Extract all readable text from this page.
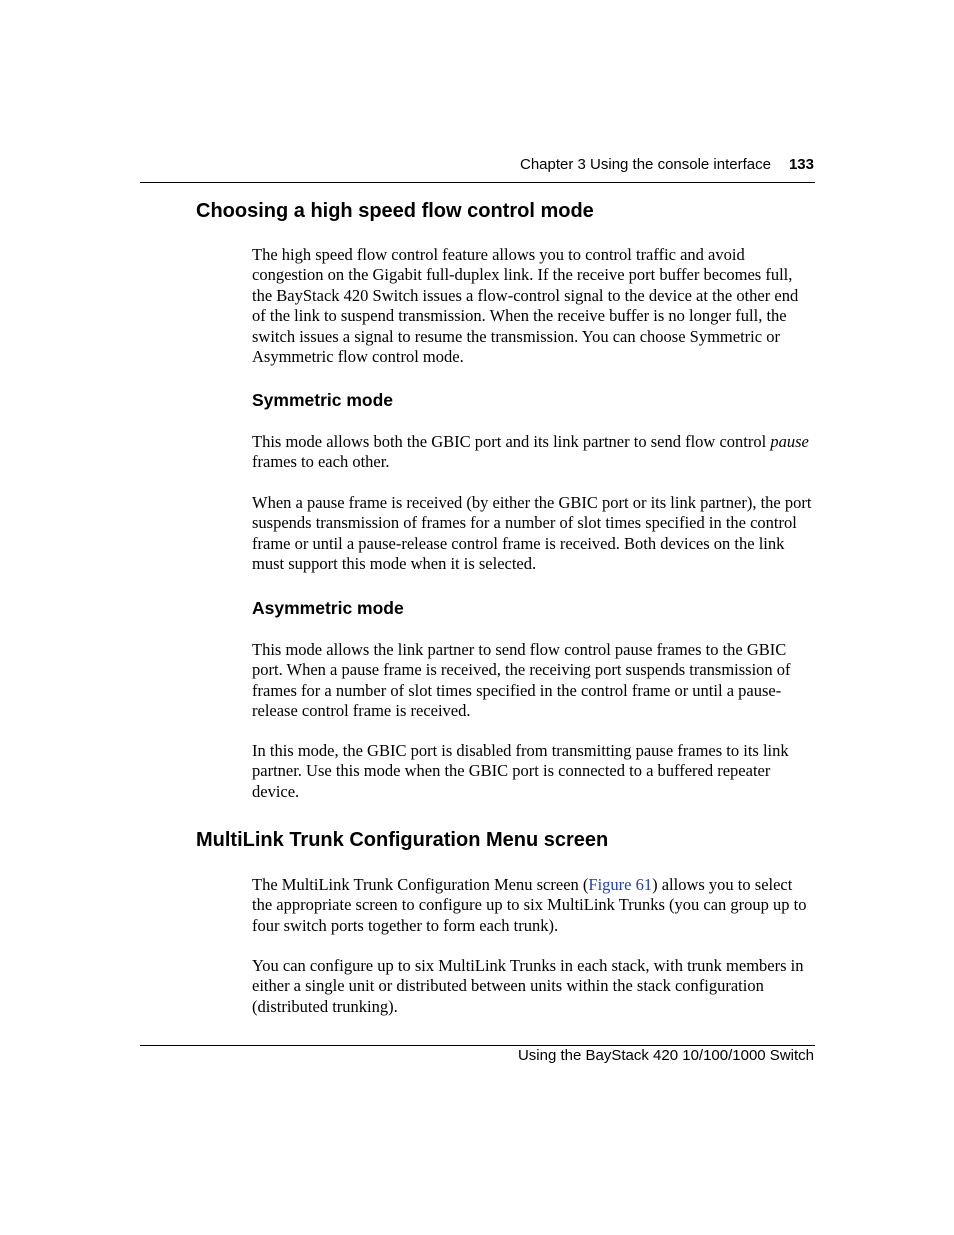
Chapter 3 Using the console interface 133
Choosing a high speed flow control mode

The high speed flow control feature allows you to control traffic and avoid congestion on the Gigabit full-duplex link. If the receive port buffer becomes full, the BayStack 420 Switch issues a flow-control signal to the device at the other end of the link to suspend transmission. When the receive buffer is no longer full, the switch issues a signal to resume the transmission. You can choose Symmetric or Asymmetric flow control mode.

Symmetric mode

This mode allows both the GBIC port and its link partner to send flow control pause frames to each other.

When a pause frame is received (by either the GBIC port or its link partner), the port suspends transmission of frames for a number of slot times specified in the control frame or until a pause-release control frame is received. Both devices on the link must support this mode when it is selected.

Asymmetric mode

This mode allows the link partner to send flow control pause frames to the GBIC port. When a pause frame is received, the receiving port suspends transmission of frames for a number of slot times specified in the control frame or until a pause-release control frame is received.

In this mode, the GBIC port is disabled from transmitting pause frames to its link partner. Use this mode when the GBIC port is connected to a buffered repeater device.

MultiLink Trunk Configuration Menu screen

The MultiLink Trunk Configuration Menu screen (Figure 61) allows you to select the appropriate screen to configure up to six MultiLink Trunks (you can group up to four switch ports together to form each trunk).

You can configure up to six MultiLink Trunks in each stack, with trunk members in either a single unit or distributed between units within the stack configuration (distributed trunking).

Using the BayStack 420 10/100/1000 Switch
